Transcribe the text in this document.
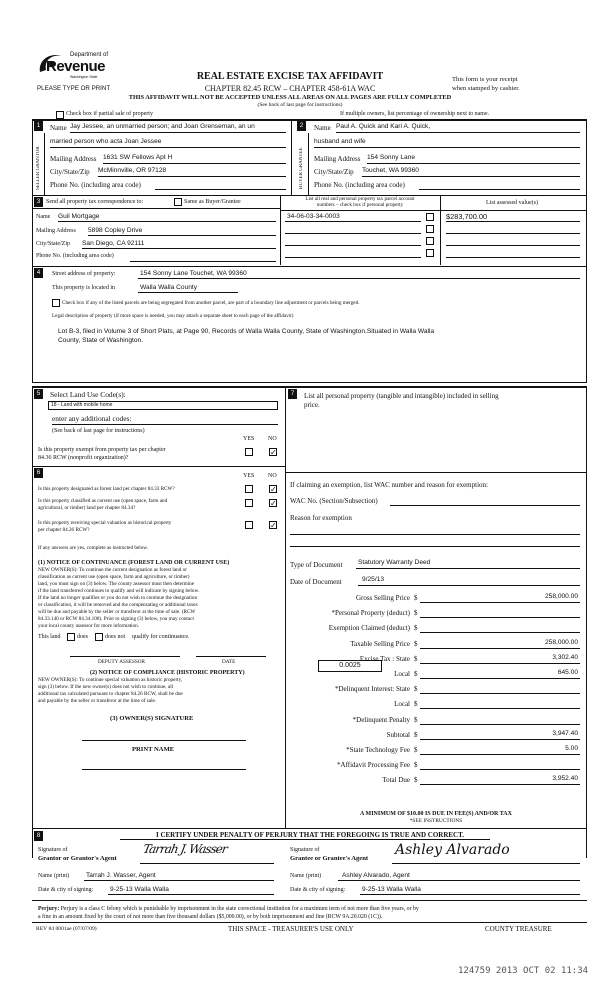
Department of
Revenue
Washington State
PLEASE TYPE OR PRINT
REAL ESTATE EXCISE TAX AFFIDAVIT
CHAPTER 82.45 RCW – CHAPTER 458-61A WAC
THIS AFFIDAVIT WILL NOT BE ACCEPTED UNLESS ALL AREAS ON ALL PAGES ARE FULLY COMPLETED
(See back of last page for instructions)
This form is your receipt
when stamped by cashier.
Check box if partial sale of property	If multiple owners, list percentage of ownership next to name.
1
SELLER GRANTOR
Name Jay Jessee, an unmarried person; and Joan Grenseman, an un
married person who acta Joan Jessee
Mailing Address 1631 SW Fellows Apt H
City/State/Zip McMinnville, OR 97128
Phone No. (including area code)
2
BUYER GRANTEE
Name Paul A. Quick and Kari A. Quick,
husband and wife
Mailing Address 154 Sonny Lane
City/State/Zip Touchet, WA 99360
Phone No. (including area code)
3 Send all property tax correspondence to:	Same as Buyer/Grantee
Name Guil Mortgage
Mailing Address 5898 Copley Drive
City/State/Zip San Diego, CA 92111
Phone No. (including area code)
List all real and personal property tax parcel account
numbers – check box if personal property	List assessed value(s)
34-06-03-34-0003	$283,700.00
4	Street address of property:	154 Sonny Lane Touchet, WA 99360
This property is located in	Walla Walla County
Check box if any of the listed parcels are being segregated from another parcel, are part of a boundary line adjustment or parcels being merged.
Legal description of property (if more space is needed, you may attach a separate sheet to each page of the affidavit)
Lot B-3, filed in Volume 3 of Short Plats, at Page 90, Records of Walla Walla County, State of Washington.Situated in Walla Walla
County, State of Washington.
5	Select Land Use Code(s):
18 - Land with mobile home
enter any additional codes:
(See back of last page for instructions)
YES NO
Is this property exempt from property tax per chapter
84.36 RCW (nonprofit organization)?
✓
7	List all personal property (tangible and intangible) included in selling
price.
6	YES NO
Is this property designated as forest land per chapter 84.33 RCW?	✓
Is this property classified as current use (open space, farm and
agricultural, or timber) land per chapter 84.34?	✓
Is this property receiving special valuation as historical property
per chapter 84.26 RCW?	✓
If any answers are yes, complete as instructed below.
(1) NOTICE OF CONTINUANCE (FOREST LAND OR CURRENT USE)
NEW OWNER(S): To continue the current designation as forest land or
classification as current use (open space, farm and agriculture, or timber)
land, you must sign on (3) below. The county assessor must then determine
if the land transferred continues to qualify and will indicate by signing below.
If the land no longer qualifies or you do not wish to continue the designation
or classification, it will be removed and the compensating or additional taxes
will be due and payable by the seller or transferor at the time of sale. (RCW
84.33.140 or RCW 84.34.108). Prior to signing (3) below, you may contact
your local county assessor for more information.
This land	does	does not qualify for continuance.
DEPUTY ASSESSOR	DATE
(2) NOTICE OF COMPLIANCE (HISTORIC PROPERTY)
NEW OWNER(S): To continue special valuation as historic property,
sign (3) below. If the new owner(s) does not wish to continue, all
additional tax calculated pursuant to chapter 84.26 RCW, shall be due
and payable by the seller or transferor at the time of sale.
(3) OWNER(S) SIGNATURE
PRINT NAME
If claiming an exemption, list WAC number and reason for exemption:
WAC No. (Section/Subsection)
Reason for exemption
Type of Document Statutory Warranty Deed
Date of Document	9/25/13
Gross Selling Price $	258,000.00
*Personal Property (deduct) $
Exemption Claimed (deduct) $
Taxable Selling Price $	258,000.00
Excise Tax : State $	3,302.40
Local $	645.00
*Delinquent Interest: State $
Local $
*Delinquent Penalty $
Subtotal $	3,947.40
*State Technology Fee $	5.00
*Affidavit Processing Fee $
Total Due $	3,952.40
0.0025
A MINIMUM OF $10.00 IS DUE IN FEE(S) AND/OR TAX
*SEE INSTRUCTIONS
8	I CERTIFY UNDER PENALTY OF PERJURY THAT THE FOREGOING IS TRUE AND CORRECT.
Signature of
Grantor or Grantor's Agent
Tarrah J. Wasser
Name (print)	Tarrah J. Wasser, Agent
Date & city of signing:	9-25-13 Walla Walla
Signature of
Grantee or Grantee's Agent
Ashley Alvarado
Name (print)	Ashley Alvarado, Agent
Date & city of signing:	9-25-13 Walla Walla
Perjury: Perjury is a class C felony which is punishable by imprisonment in the state correctional institution for a maximum term of not more than five years, or by
a fine in an amount fixed by the court of not more than five thousand dollars ($5,000.00), or by both imprisonment and fine (RCW 9A.20.020 (1C)).
REV 84 0001ae (07/07/09)	THIS SPACE - TREASURER'S USE ONLY	COUNTY TREASURE
124759 2013 OCT 02 11:34
